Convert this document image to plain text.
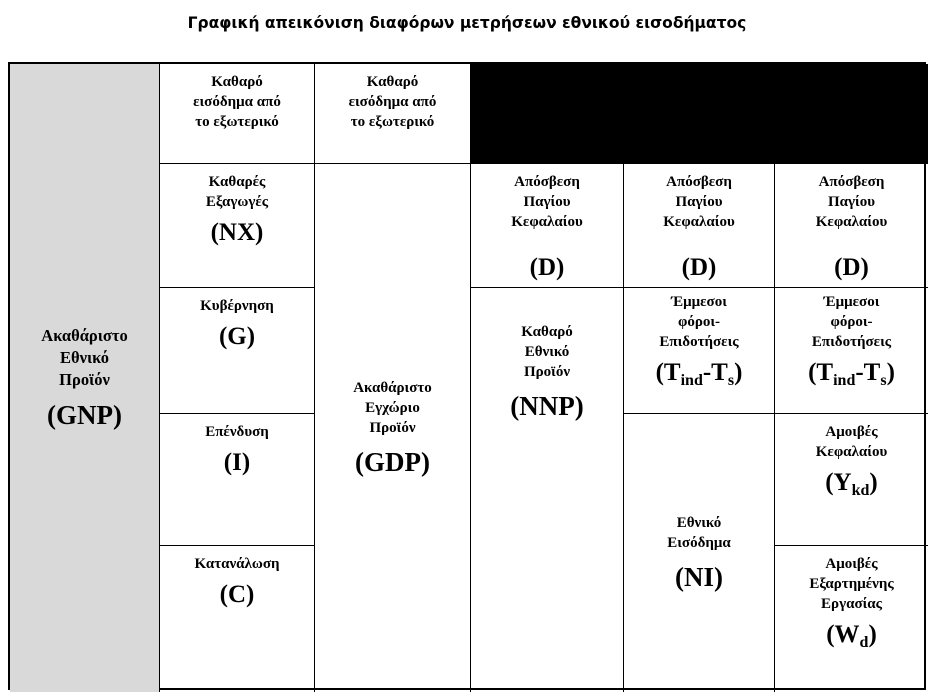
Γραφική απεικόνιση διαφόρων μετρήσεων εθνικού εισοδήματος
Ακαθάριστο
Εθνικό
Προϊόν
(GNP)
Καθαρό
εισόδημα από
το εξωτερικό
Καθαρές
Εξαγωγές
(NX)
Κυβέρνηση
(G)
Επένδυση
(I)
Κατανάλωση
(C)
Καθαρό
εισόδημα από
το εξωτερικό
Ακαθάριστο
Εγχώριο
Προϊόν
(GDP)
Απόσβεση
Παγίου
Κεφαλαίου
(D)
Απόσβεση
Παγίου
Κεφαλαίου
(D)
Απόσβεση
Παγίου
Κεφαλαίου
(D)
Καθαρό
Εθνικό
Προϊόν
(NNP)
Έμμεσοι
φόροι-
Επιδοτήσεις
$(T_{ind}-T_s)$
Έμμεσοι
φόροι-
Επιδοτήσεις
$(T_{ind}-T_s)$
Εθνικό
Εισόδημα
(NI)
Αμοιβές
Κεφαλαίου
$(Y_{kd})$
Αμοιβές
Εξαρτημένης
Εργασίας
$(W_d)$
